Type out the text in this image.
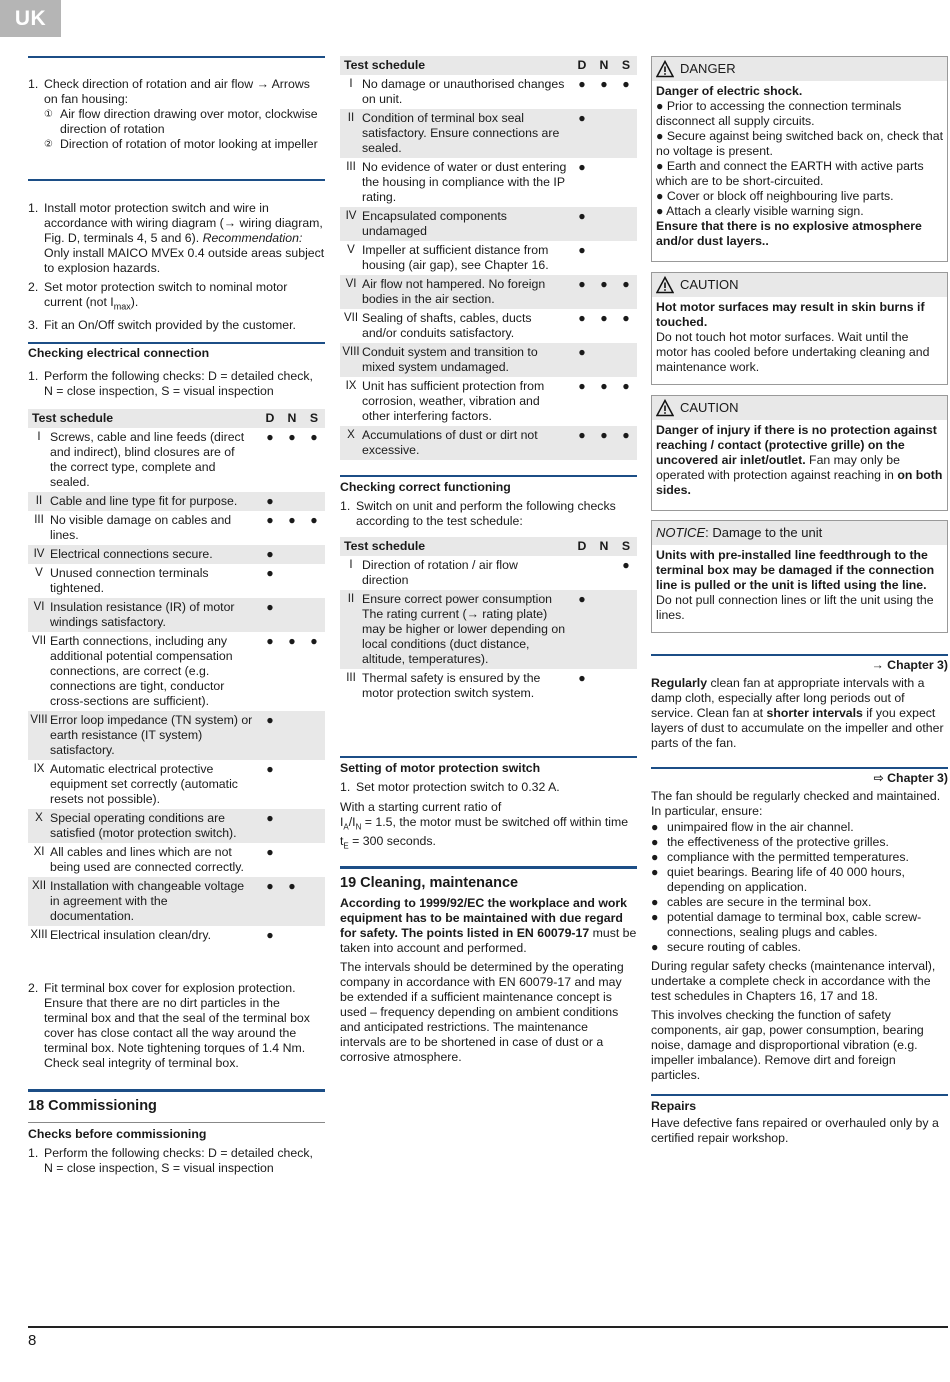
UK
1. Check direction of rotation and air flow → Arrows on fan housing:
① Air flow direction drawing over motor, clockwise direction of rotation
② Direction of rotation of motor looking at impeller
1. Install motor protection switch and wire in accordance with wiring diagram (→ wiring diagram, Fig. D, terminals 4, 5 and 6). Recommendation: Only install MAICO MVEx 0.4 outside areas subject to explosion hazards.
2. Set motor protection switch to nominal motor current (not $I_{max}$).
3. Fit an On/Off switch provided by the customer.
Checking electrical connection
1. Perform the following checks: D = detailed check, N = close inspection, S = visual inspection
Test schedule		D	N	S
I	Screws, cable and line feeds (direct and indirect), blind closures are of the correct type, complete and sealed.	●	●	●
II	Cable and line type fit for purpose.	●		
III	No visible damage on cables and lines.	●	●	●
IV	Electrical connections secure.	●		
V	Unused connection terminals tightened.	●		
VI	Insulation resistance (IR) of motor windings satisfactory.	●		
VII	Earth connections, including any additional potential compensation connections, are correct (e.g. connections are tight, conductor cross-sections are sufficient).	●	●	●
VIII	Error loop impedance (TN system) or earth resistance (IT system) satisfactory.	●		
IX	Automatic electrical protective equipment set correctly (automatic resets not possible).	●		
X	Special operating conditions are satisfied (motor protection switch).	●		
XI	All cables and lines which are not being used are connected correctly.	●		
XII	Installation with changeable voltage in agreement with the documentation.	●	●	
XIII	Electrical insulation clean/dry.	●		
2. Fit terminal box cover for explosion protection. Ensure that there are no dirt particles in the terminal box and that the seal of the terminal box cover has close contact all the way around the terminal box. Note tightening torques of 1.4 Nm. Check seal integrity of terminal box.
18 Commissioning
Checks before commissioning
1. Perform the following checks: D = detailed check, N = close inspection, S = visual inspection
Test schedule		D	N	S
I	No damage or unauthorised changes on unit.	●	●	●
II	Condition of terminal box seal satisfactory. Ensure connections are sealed.	●		
III	No evidence of water or dust entering the housing in compliance with the IP rating.	●		
IV	Encapsulated components undamaged	●		
V	Impeller at sufficient distance from housing (air gap), see Chapter 16.	●		
VI	Air flow not hampered. No foreign bodies in the air section.	●	●	●
VII	Sealing of shafts, cables, ducts and/or conduits satisfactory.	●	●	●
VIII	Conduit system and transition to mixed system undamaged.	●		
IX	Unit has sufficient protection from corrosion, weather, vibration and other interfering factors.	●	●	●
X	Accumulations of dust or dirt not excessive.	●	●	●
Checking correct functioning
1. Switch on unit and perform the following checks according to the test schedule:
Test schedule		D	N	S
I	Direction of rotation / air flow direction			●
II	Ensure correct power consumption The rating current (→ rating plate) may be higher or lower depending on local conditions (duct distance, altitude, temperatures).	●		
III	Thermal safety is ensured by the motor protection switch system.	●		
Setting of motor protection switch
1. Set motor protection switch to 0.32 A.
With a starting current ratio of
$I_A/I_N = 1.5$, the motor must be switched off within time $t_E = 300$ seconds.
19 Cleaning, maintenance

According to 1999/92/EC the workplace and work equipment has to be maintained with due regard for safety. The points listed in EN 60079-17 must be taken into account and performed.

The intervals should be determined by the operating company in accordance with EN 60079-17 and may be extended if a sufficient maintenance concept is used – frequency depending on ambient conditions and anticipated restrictions. The maintenance intervals are to be shortened in case of dust or a corrosive atmosphere.

DANGER

Danger of electric shock.

● Prior to accessing the connection terminals disconnect all supply circuits.

● Secure against being switched back on, check that no voltage is present.

● Earth and connect the EARTH with active parts which are to be short-circuited.

● Cover or block off neighbouring live parts.

● Attach a clearly visible warning sign.

Ensure that there is no explosive atmosphere and/or dust layers..

CAUTION

Hot motor surfaces may result in skin burns if touched.

Do not touch hot motor surfaces. Wait until the motor has cooled before undertaking cleaning and maintenance work.

CAUTION
Danger of injury if there is no protection against reaching / contact (protective grille) on the uncovered air inlet/outlet. Fan may only be operated with protection against reaching in on both sides.
NOTICE : Damage to the unit
Units with pre-installed line feedthrough to the terminal box may be damaged if the connection line is pulled or the unit is lifted using the line. Do not pull connection lines or lift the unit using the lines.
→ Chapter 3)
Regularly clean fan at appropriate intervals with a damp cloth, especially after long periods out of service. Clean fan at shorter intervals if you expect layers of dust to accumulate on the impeller and other parts of the fan.
⇨ Chapter 3)

The fan should be regularly checked and maintained. In particular, ensure:

● unimpaired flow in the air channel.
● the effectiveness of the protective grilles.
● compliance with the permitted temperatures.
● quiet bearings. Bearing life of 40 000 hours, depending on application.
● cables are secure in the terminal box.
● potential damage to terminal box, cable screw-connections, sealing plugs and cables.
● secure routing of cables.

During regular safety checks (maintenance interval), undertake a complete check in accordance with the test schedules in Chapters 16, 17 and 18.

This involves checking the function of safety components, air gap, power consumption, bearing noise, damage and disproportional vibration (e.g. impeller imbalance). Remove dirt and foreign particles.

Repairs
Have defective fans repaired or overhauled only by a certified repair workshop.
8
